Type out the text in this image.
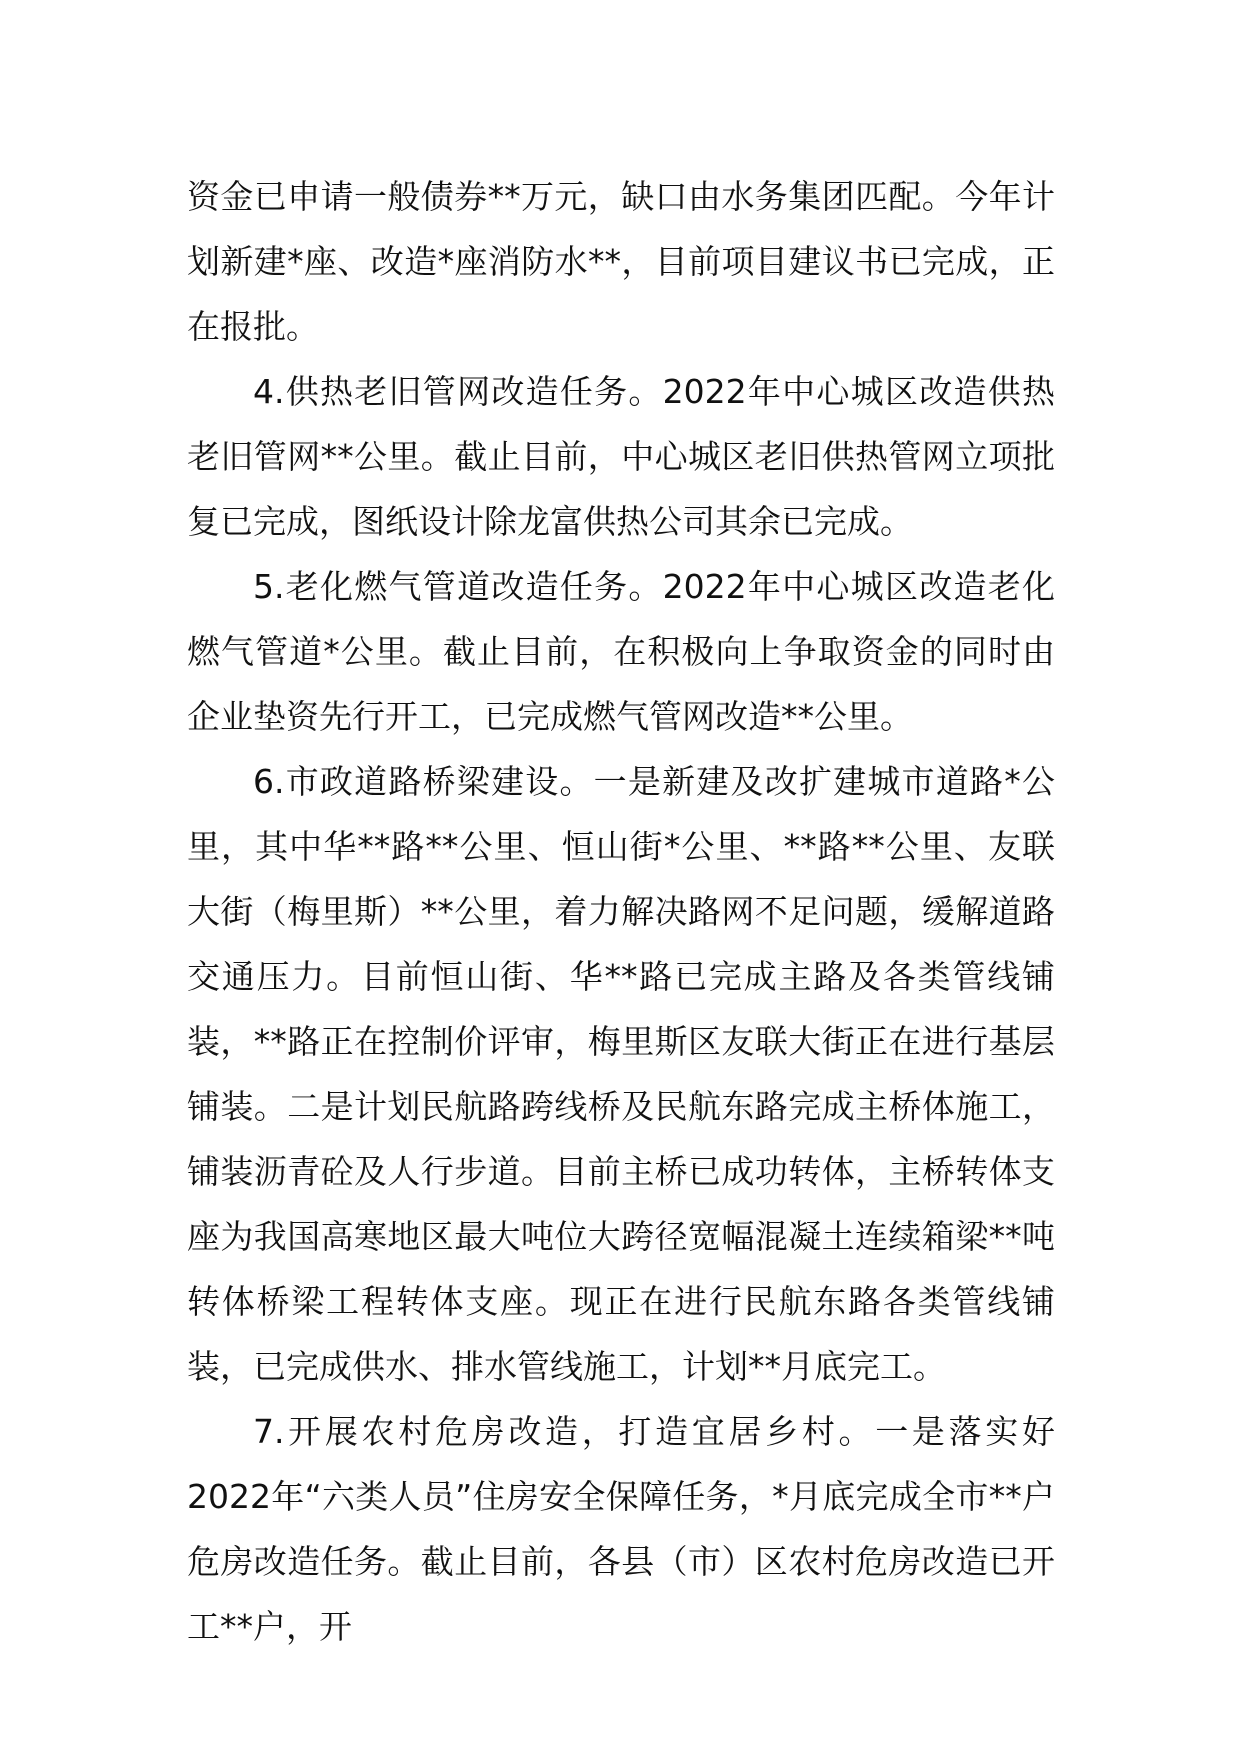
资金已申请一般债券**万元，缺口由水务集团匹配。今年计划新建*座、改造*座消防水**，目前项目建议书已完成，正在报批。

4.供热老旧管网改造任务。2022年中心城区改造供热老旧管网**公里。截止目前，中心城区老旧供热管网立项批复已完成，图纸设计除龙富供热公司其余已完成。

5.老化燃气管道改造任务。2022年中心城区改造老化燃气管道*公里。截止目前，在积极向上争取资金的同时由企业垫资先行开工，已完成燃气管网改造**公里。

6.市政道路桥梁建设。一是新建及改扩建城市道路*公里，其中华**路**公里、恒山街*公里、**路**公里、友联大街（梅里斯）**公里，着力解决路网不足问题，缓解道路交通压力。目前恒山街、华**路已完成主路及各类管线铺装，**路正在控制价评审，梅里斯区友联大街正在进行基层铺装。二是计划民航路跨线桥及民航东路完成主桥体施工，铺装沥青砼及人行步道。目前主桥已成功转体，主桥转体支座为我国高寒地区最大吨位大跨径宽幅混凝土连续箱梁**吨转体桥梁工程转体支座。现正在进行民航东路各类管线铺装，已完成供水、排水管线施工，计划**月底完工。

7.开展农村危房改造，打造宜居乡村。一是落实好2022年“六类人员”住房安全保障任务，*月底完成全市**户危房改造任务。截止目前，各县（市）区农村危房改造已开工**户，开
